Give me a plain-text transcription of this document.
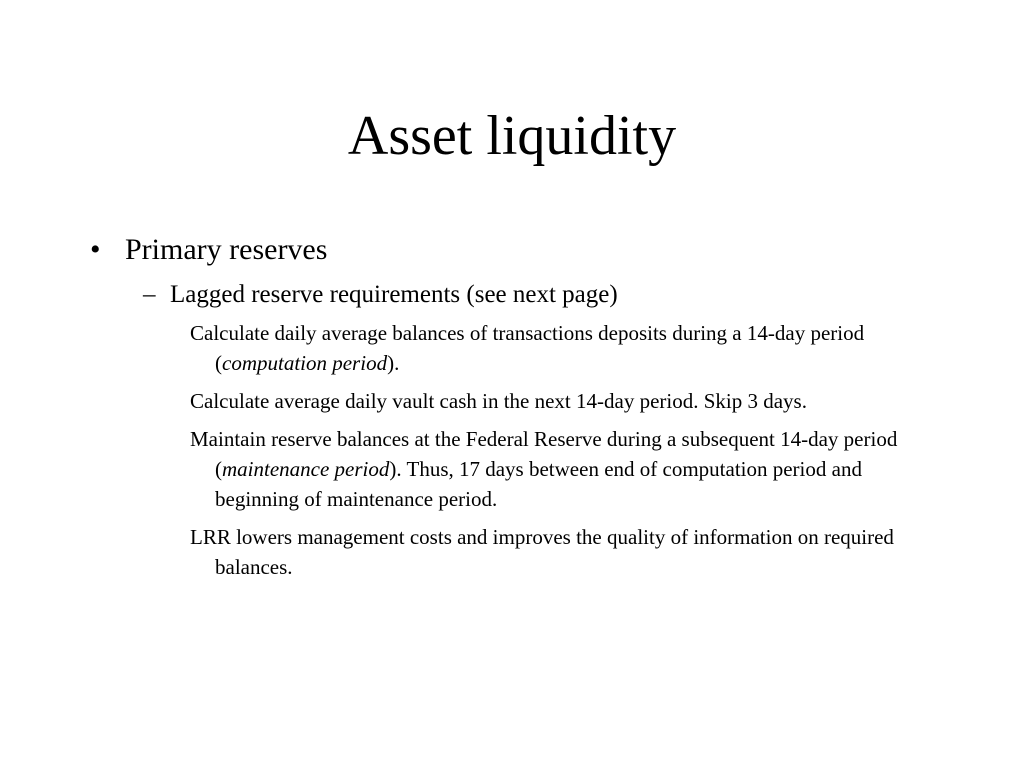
Asset liquidity
• Primary reserves
– Lagged reserve requirements (see next page)
Calculate daily average balances of transactions deposits during a 14-day period (computation period).
Calculate average daily vault cash in the next 14-day period. Skip 3 days.
Maintain reserve balances at the Federal Reserve during a subsequent 14-day period (maintenance period). Thus, 17 days between end of computation period and beginning of maintenance period.
LRR lowers management costs and improves the quality of information on required balances.
